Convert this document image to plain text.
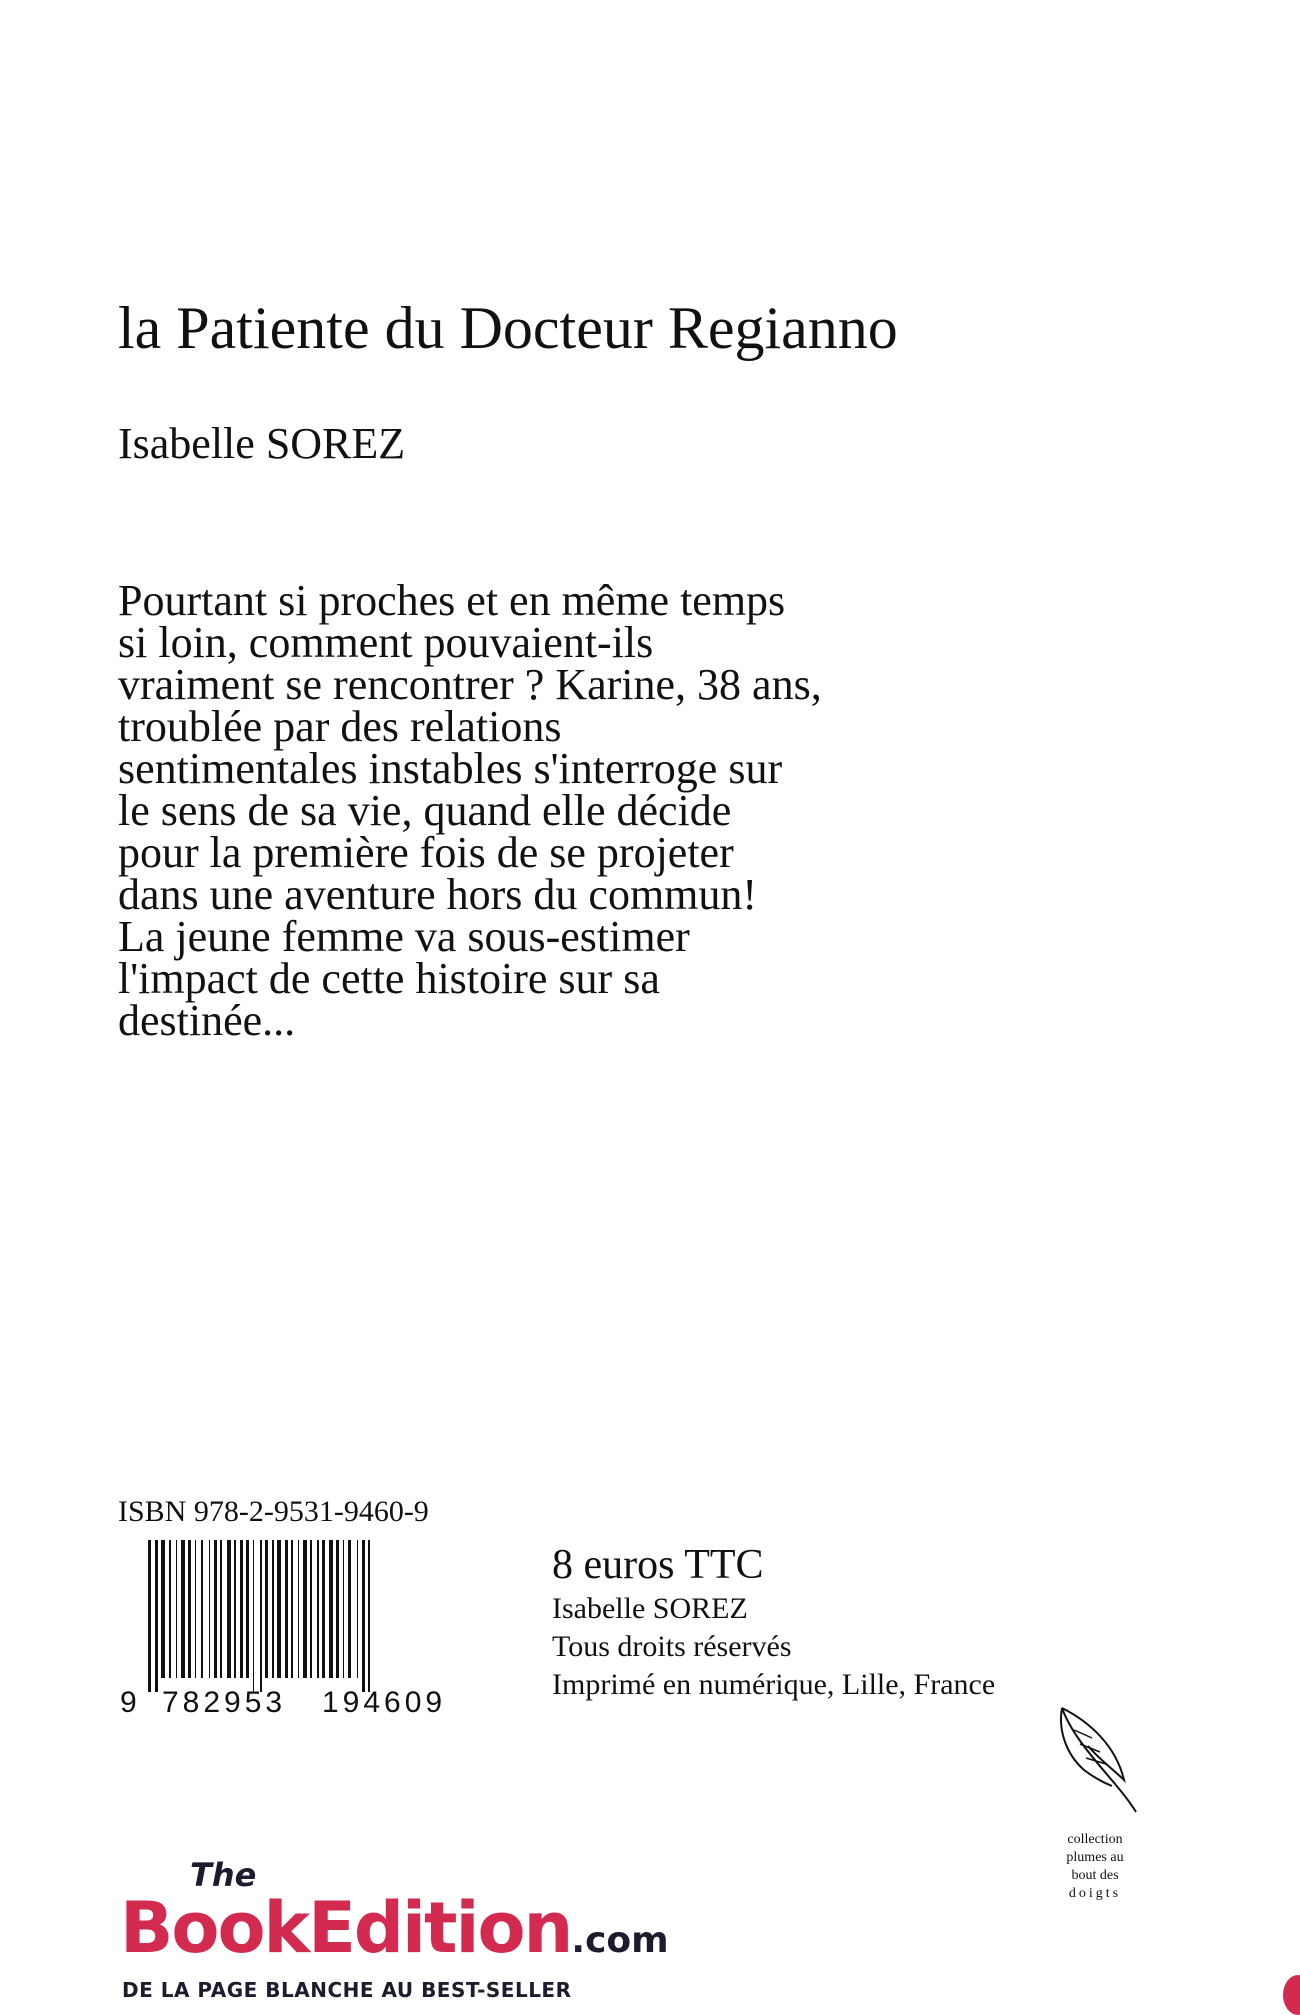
la Patiente du Docteur Regianno
Isabelle SOREZ

Pourtant si proches et en même temps
si loin, comment pouvaient-ils
vraiment se rencontrer ? Karine, 38 ans,
troublée par des relations
sentimentales instables s'interroge sur
le sens de sa vie, quand elle décide
pour la première fois de se projeter
dans une aventure hors du commun!
La jeune femme va sous-estimer
l'impact de cette histoire sur sa
destinée...

ISBN 978-2-9531-9460-9
9 782953 194609
8 euros TTC
Isabelle SOREZ
Tous droits réservés
Imprimé en numérique, Lille, France
The
BookEdition.com
DE LA PAGE BLANCHE AU BEST-SELLER
collection
plumes au
bout des
doigts
